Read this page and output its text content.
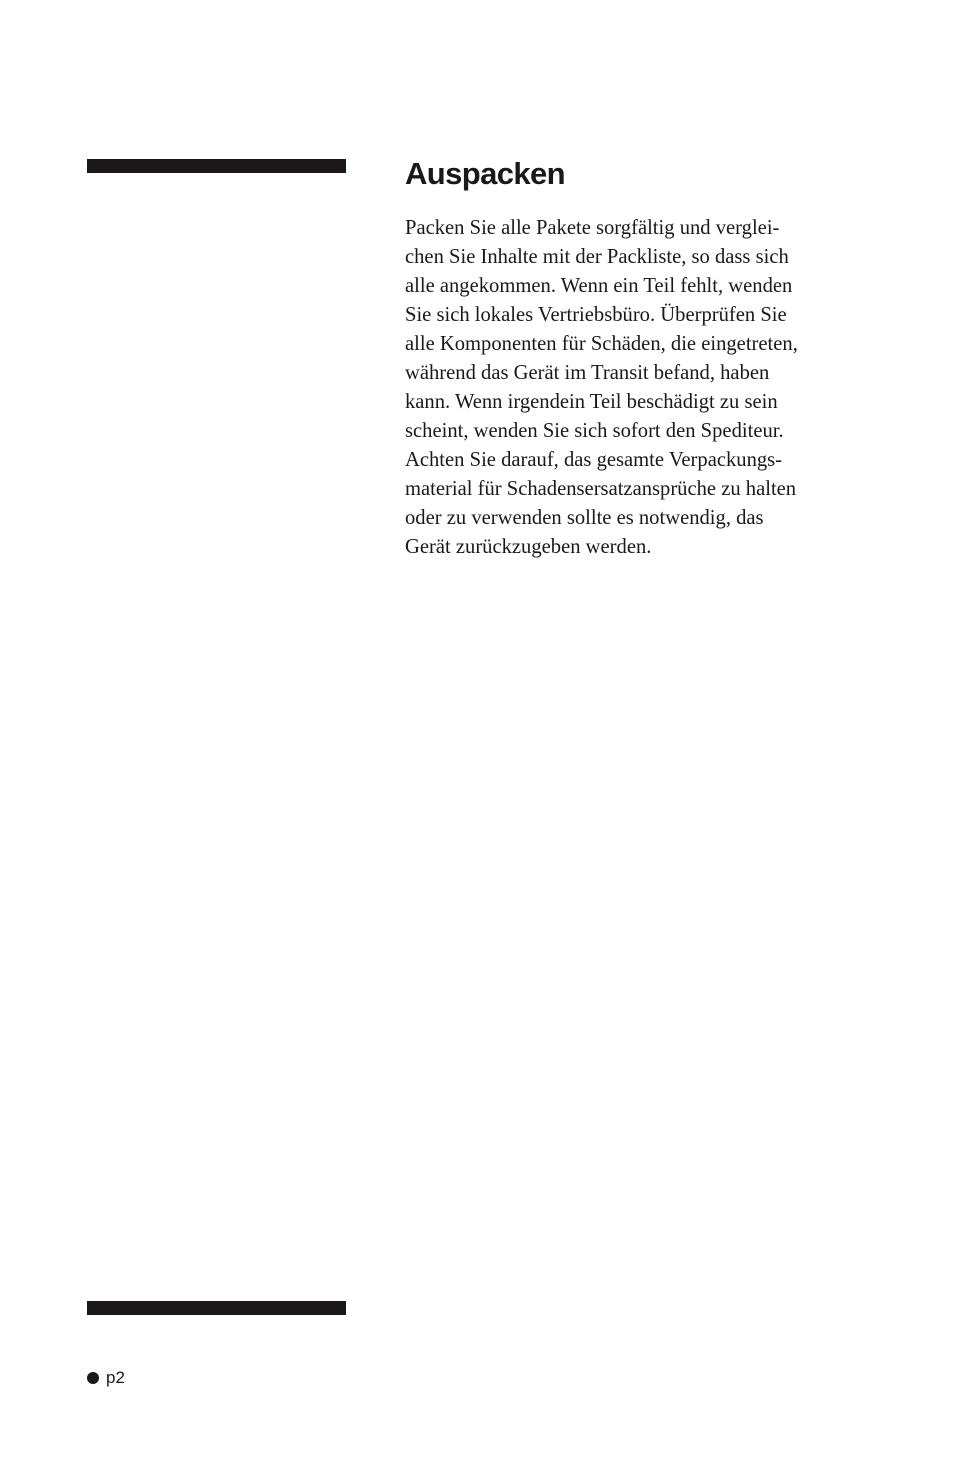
Auspacken

Packen Sie alle Pakete sorgfältig und verglei-
chen Sie Inhalte mit der Packliste, so dass sich
alle angekommen. Wenn ein Teil fehlt, wenden
Sie sich lokales Vertriebsbüro. Überprüfen Sie
alle Komponenten für Schäden, die eingetreten,
während das Gerät im Transit befand, haben
kann. Wenn irgendein Teil beschädigt zu sein
scheint, wenden Sie sich sofort den Spediteur.
Achten Sie darauf, das gesamte Verpackungs-
material für Schadensersatzansprüche zu halten
oder zu verwenden sollte es notwendig, das
Gerät zurückzugeben werden.

p2
